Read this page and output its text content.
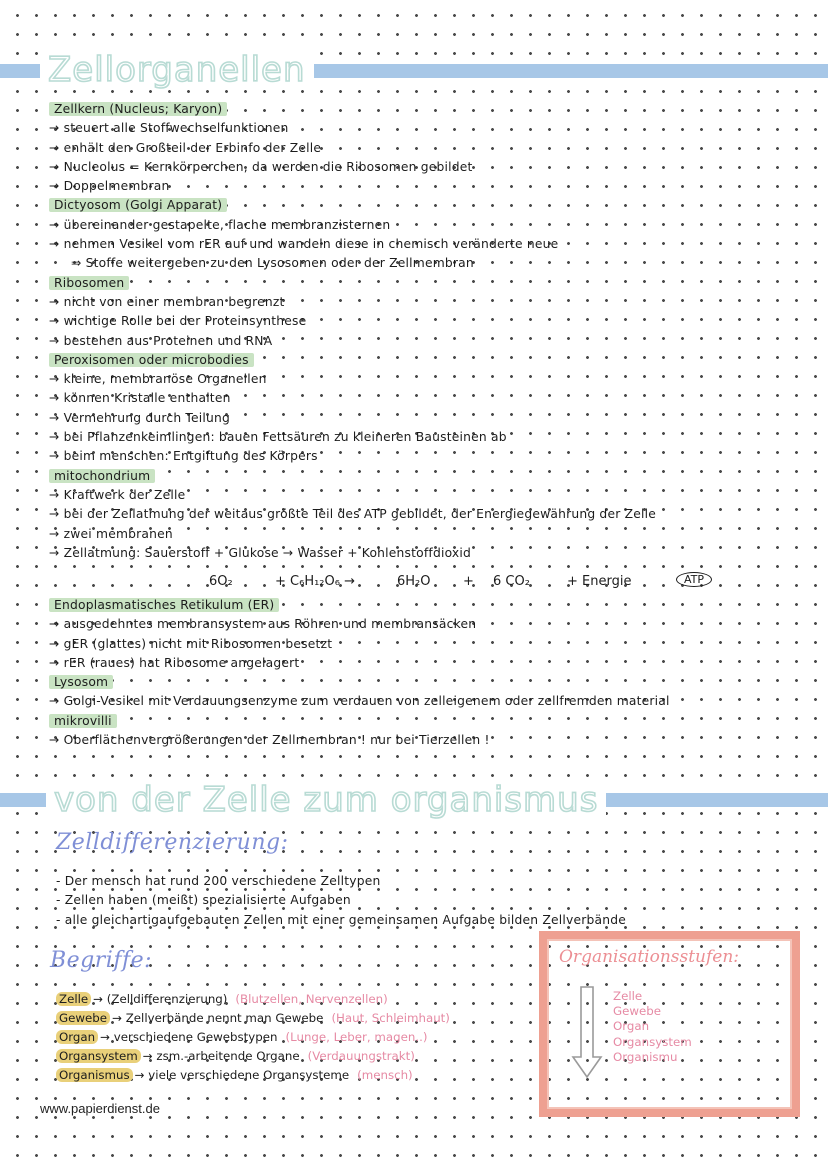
Zellorganellen
Zellkern (Nucleus; Karyon)
→ steuert alle Stoffwechselfunktionen
→ enhält den Großteil der Erbinfo der Zelle
→ Nucleolus = Kernkörperchen, da werden die Ribosomen gebildet
→ Doppelmembran
Dictyosom (Golgi Apparat)
→ übereinander gestapelte, flache membranzisternen
→ nehmen Vesikel vom rER auf und wandeln diese in chemisch veränderte neue
⇒ Stoffe weitergeben zu den Lysosomen oder der Zellmembran
Ribosomen
→ nicht von einer membran begrenzt
→ wichtige Rolle bei der Proteinsynthese
→ bestehen aus Proteinen und RNA
Peroxisomen oder microbodies
→ kleine, membranöse Organellen
→ können Kristalle enthalten
→ Vermehrung durch Teilung
→ bei Pflanzenkeimlingen: bauen Fettsäuren zu kleineren Bausteinen ab
→ beim menschen: Entgiftung des Körpers
mitochondrium
→ Kraftwerk der Zelle
→ bei der Zellatmung der weitaus größte Teil des ATP gebildet, der Energiegewährung der Zelle
→ zwei membranen
→ Zellatmung: Sauerstoff + Glukose → Wasser + Kohlenstoffdioxid
6O₂	+ C₆H₁₂O₆ →	6H₂O	+ 6 CO₂	+ Energie	ATP
Endoplasmatisches Retikulum (ER)
→ ausgedehntes membransystem aus Röhren und membransäcken
→ gER (glattes) nicht mit Ribosomen besetzt
→ rER (raues) hat Ribosome angelagert
Lysosom
→ Golgi-Vesikel mit Verdauungsenzyme zum verdauen von zelleigenem oder zellfremden material
mikrovilli
→ Oberflächenvergrößerungen der Zellmembran ! nur bei Tierzellen !
von der Zelle zum organismus
Zelldifferenzierung:
- Der mensch hat rund 200 verschiedene Zelltypen
- Zellen haben (meißt) spezialisierte Aufgaben
- alle gleichartigaufgebauten Zellen mit einer gemeinsamen Aufgabe bilden Zellverbände
Begriffe:
Zelle → (Zelldifferenzierung) (Blutzellen, Nervenzellen)
Gewebe → Zellverbände nennt man Gewebe (Haut, Schleimhaut)
Organ → verschiedene Gewebstypen (Lunge, Leber, magen..)
Organsystem → zsm.-arbeitende Organe (Verdauungstrakt)
Organismus → viele verschiedene Organsysteme (mensch)
Organisationsstufen:
Zelle
Gewebe
Organ
Organsystem
Organismu
www.papierdienst.de
